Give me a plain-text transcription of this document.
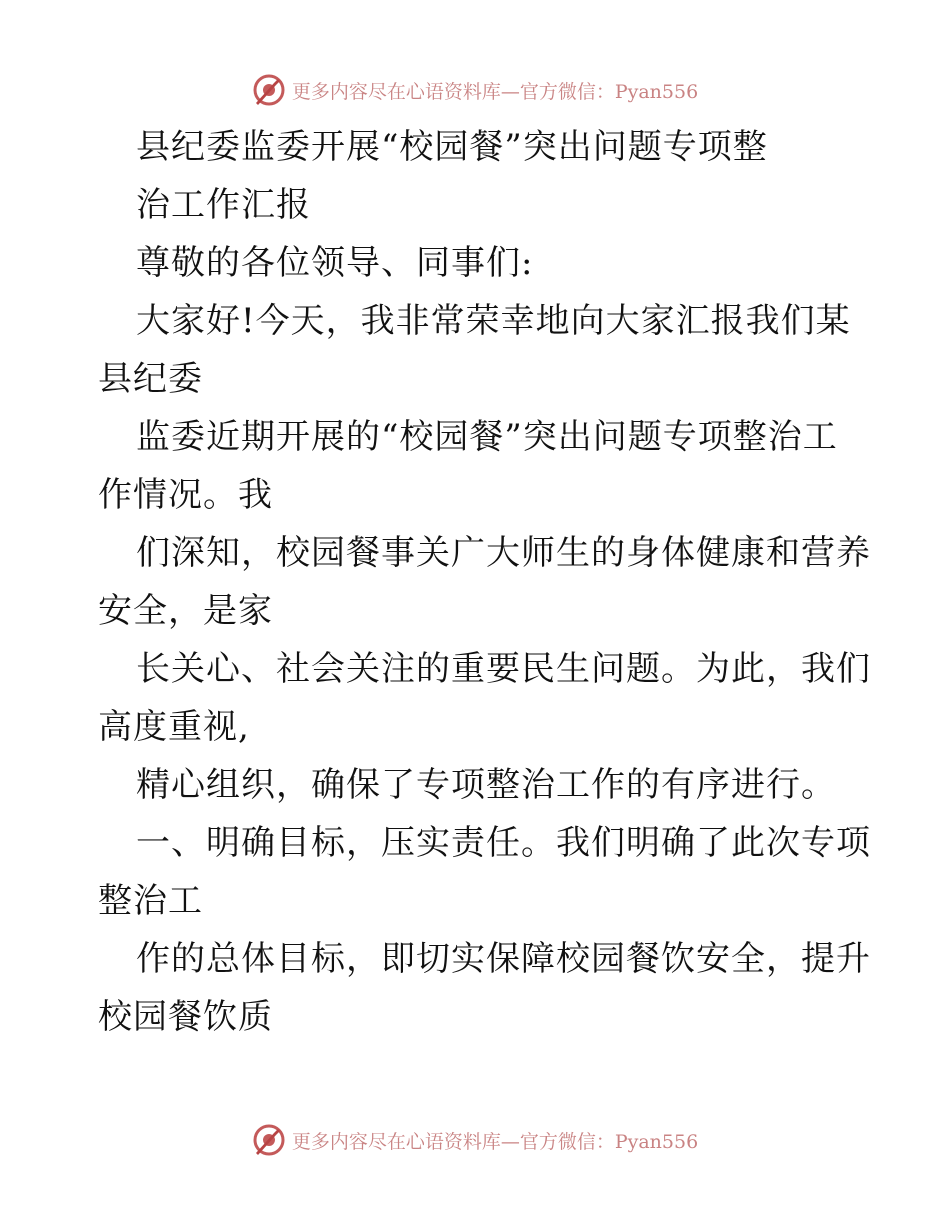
更多内容尽在心语资料库—官方微信：Pyan556
县纪委监委开展“校园餐”突出问题专项整
治工作汇报
尊敬的各位领导、同事们:
大家好!今天，我非常荣幸地向大家汇报我们某
县纪委
监委近期开展的“校园餐”突出问题专项整治工
作情况。我
们深知，校园餐事关广大师生的身体健康和营养
安全，是家
长关心、社会关注的重要民生问题。为此，我们
高度重视,
精心组织，确保了专项整治工作的有序进行。
一、明确目标，压实责任。我们明确了此次专项
整治工
作的总体目标，即切实保障校园餐饮安全，提升
校园餐饮质
更多内容尽在心语资料库—官方微信：Pyan556
